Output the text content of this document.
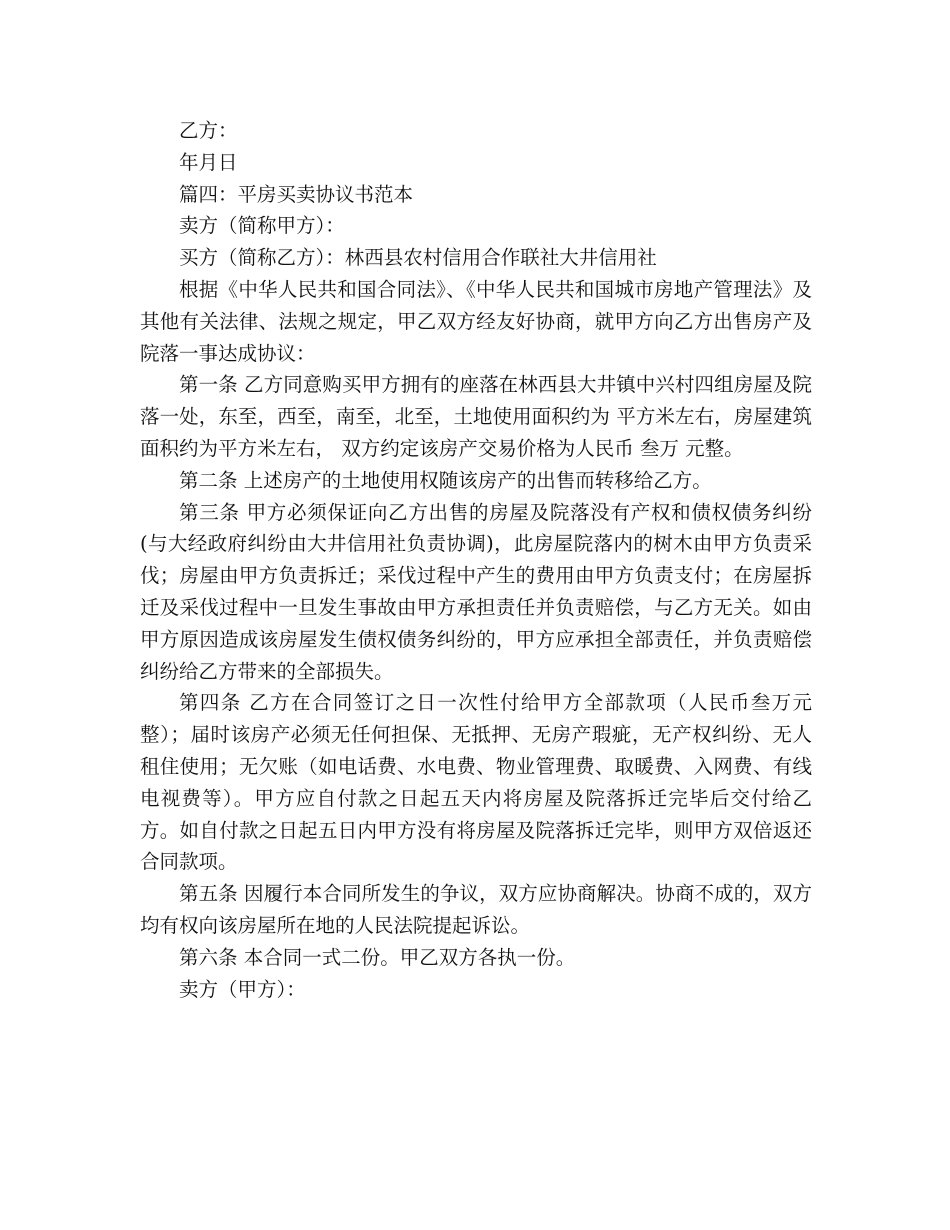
乙方：

年月日

篇四：平房买卖协议书范本

卖方（简称甲方）：

买方（简称乙方）：林西县农村信用合作联社大井信用社

根据《中华人民共和国合同法》、《中华人民共和国城市房地产管理法》及其他有关法律、法规之规定，甲乙双方经友好协商，就甲方向乙方出售房产及院落一事达成协议：

第一条 乙方同意购买甲方拥有的座落在林西县大井镇中兴村四组房屋及院落一处，东至，西至，南至，北至，土地使用面积约为 平方米左右，房屋建筑面积约为平方米左右， 双方约定该房产交易价格为人民币 叁万 元整。

第二条 上述房产的土地使用权随该房产的出售而转移给乙方。

第三条 甲方必须保证向乙方出售的房屋及院落没有产权和债权债务纠纷(与大经政府纠纷由大井信用社负责协调)，此房屋院落内的树木由甲方负责采伐；房屋由甲方负责拆迁；采伐过程中产生的费用由甲方负责支付；在房屋拆迁及采伐过程中一旦发生事故由甲方承担责任并负责赔偿，与乙方无关。如由甲方原因造成该房屋发生债权债务纠纷的，甲方应承担全部责任，并负责赔偿纠纷给乙方带来的全部损失。

第四条 乙方在合同签订之日一次性付给甲方全部款项（人民币叁万元整）；届时该房产必须无任何担保、无抵押、无房产瑕疵，无产权纠纷、无人租住使用；无欠账（如电话费、水电费、物业管理费、取暖费、入网费、有线电视费等）。甲方应自付款之日起五天内将房屋及院落拆迁完毕后交付给乙方。如自付款之日起五日内甲方没有将房屋及院落拆迁完毕，则甲方双倍返还合同款项。

第五条 因履行本合同所发生的争议，双方应协商解决。协商不成的，双方均有权向该房屋所在地的人民法院提起诉讼。

第六条 本合同一式二份。甲乙双方各执一份。

卖方（甲方）：
